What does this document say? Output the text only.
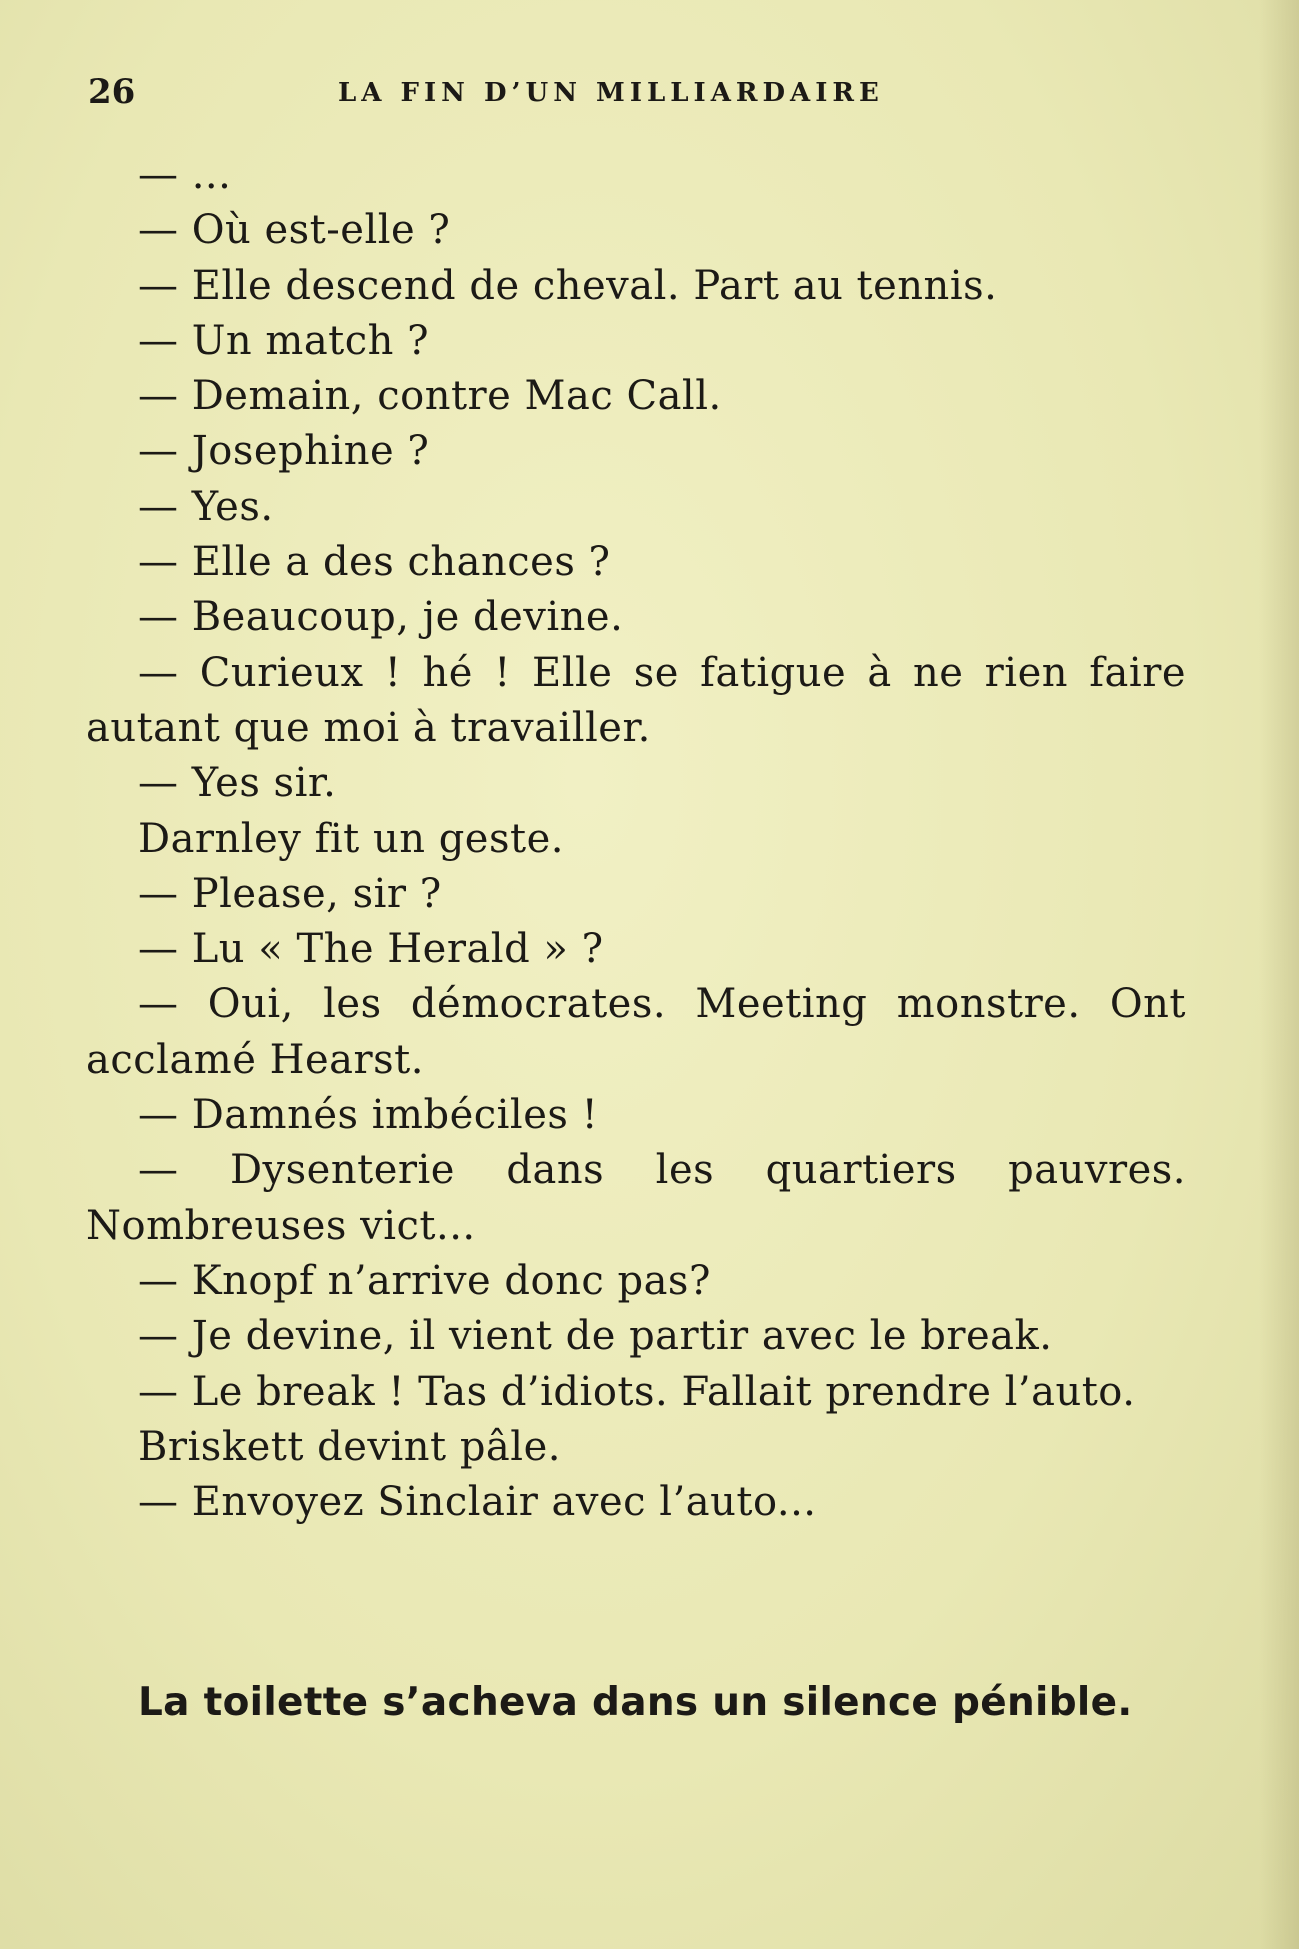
26	LA FIN D’UN MILLIARDAIRE

— ...

— Où est-elle ?

— Elle descend de cheval. Part au tennis.

— Un match ?

— Demain, contre Mac Call.

— Josephine ?

— Yes.

— Elle a des chances ?

— Beaucoup, je devine.

— Curieux ! hé ! Elle se fatigue à ne rien faire autant que moi à travailler.

— Yes sir.

Darnley fit un geste.

— Please, sir ?

— Lu « The Herald » ?

— Oui, les démocrates. Meeting monstre. Ont acclamé Hearst.

— Damnés imbéciles !

— Dysenterie dans les quartiers pauvres. Nombreuses vict...

— Knopf n’arrive donc pas?

— Je devine, il vient de partir avec le break.

— Le break ! Tas d’idiots. Fallait prendre l’auto.

Briskett devint pâle.

— Envoyez Sinclair avec l’auto...

La toilette s’acheva dans un silence pénible.
